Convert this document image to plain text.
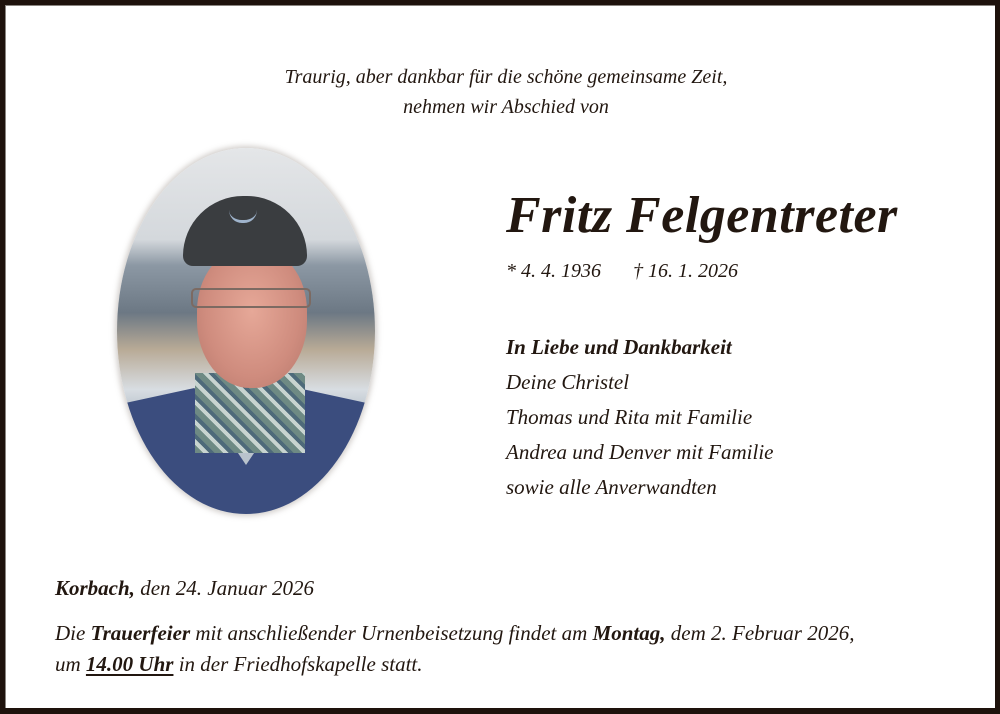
Traurig, aber dankbar für die schöne gemeinsame Zeit,
nehmen wir Abschied von
Fritz Felgentreter
* 4. 4. 1936 † 16. 1. 2026
In Liebe und Dankbarkeit
Deine Christel
Thomas und Rita mit Familie
Andrea und Denver mit Familie
sowie alle Anverwandten
Korbach, den 24. Januar 2026
Die Trauerfeier mit anschließender Urnenbeisetzung findet am Montag, dem 2. Februar 2026,
um 14.00 Uhr in der Friedhofskapelle statt.
